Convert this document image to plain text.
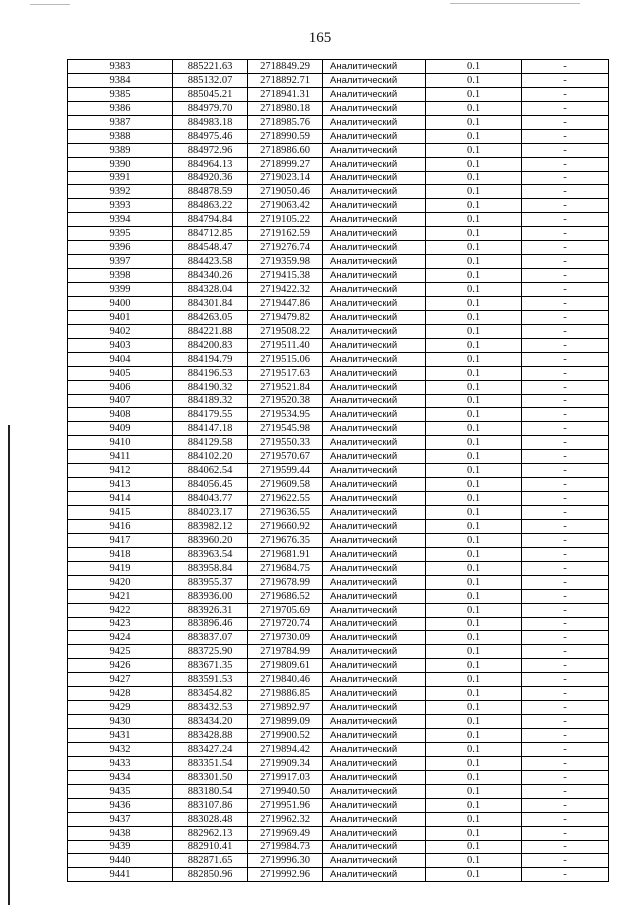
165
9383	885221.63	2718849.29	Аналитический	0.1	-
9384	885132.07	2718892.71	Аналитический	0.1	-
9385	885045.21	2718941.31	Аналитический	0.1	-
9386	884979.70	2718980.18	Аналитический	0.1	-
9387	884983.18	2718985.76	Аналитический	0.1	-
9388	884975.46	2718990.59	Аналитический	0.1	-
9389	884972.96	2718986.60	Аналитический	0.1	-
9390	884964.13	2718999.27	Аналитический	0.1	-
9391	884920.36	2719023.14	Аналитический	0.1	-
9392	884878.59	2719050.46	Аналитический	0.1	-
9393	884863.22	2719063.42	Аналитический	0.1	-
9394	884794.84	2719105.22	Аналитический	0.1	-
9395	884712.85	2719162.59	Аналитический	0.1	-
9396	884548.47	2719276.74	Аналитический	0.1	-
9397	884423.58	2719359.98	Аналитический	0.1	-
9398	884340.26	2719415.38	Аналитический	0.1	-
9399	884328.04	2719422.32	Аналитический	0.1	-
9400	884301.84	2719447.86	Аналитический	0.1	-
9401	884263.05	2719479.82	Аналитический	0.1	-
9402	884221.88	2719508.22	Аналитический	0.1	-
9403	884200.83	2719511.40	Аналитический	0.1	-
9404	884194.79	2719515.06	Аналитический	0.1	-
9405	884196.53	2719517.63	Аналитический	0.1	-
9406	884190.32	2719521.84	Аналитический	0.1	-
9407	884189.32	2719520.38	Аналитический	0.1	-
9408	884179.55	2719534.95	Аналитический	0.1	-
9409	884147.18	2719545.98	Аналитический	0.1	-
9410	884129.58	2719550.33	Аналитический	0.1	-
9411	884102.20	2719570.67	Аналитический	0.1	-
9412	884062.54	2719599.44	Аналитический	0.1	-
9413	884056.45	2719609.58	Аналитический	0.1	-
9414	884043.77	2719622.55	Аналитический	0.1	-
9415	884023.17	2719636.55	Аналитический	0.1	-
9416	883982.12	2719660.92	Аналитический	0.1	-
9417	883960.20	2719676.35	Аналитический	0.1	-
9418	883963.54	2719681.91	Аналитический	0.1	-
9419	883958.84	2719684.75	Аналитический	0.1	-
9420	883955.37	2719678.99	Аналитический	0.1	-
9421	883936.00	2719686.52	Аналитический	0.1	-
9422	883926.31	2719705.69	Аналитический	0.1	-
9423	883896.46	2719720.74	Аналитический	0.1	-
9424	883837.07	2719730.09	Аналитический	0.1	-
9425	883725.90	2719784.99	Аналитический	0.1	-
9426	883671.35	2719809.61	Аналитический	0.1	-
9427	883591.53	2719840.46	Аналитический	0.1	-
9428	883454.82	2719886.85	Аналитический	0.1	-
9429	883432.53	2719892.97	Аналитический	0.1	-
9430	883434.20	2719899.09	Аналитический	0.1	-
9431	883428.88	2719900.52	Аналитический	0.1	-
9432	883427.24	2719894.42	Аналитический	0.1	-
9433	883351.54	2719909.34	Аналитический	0.1	-
9434	883301.50	2719917.03	Аналитический	0.1	-
9435	883180.54	2719940.50	Аналитический	0.1	-
9436	883107.86	2719951.96	Аналитический	0.1	-
9437	883028.48	2719962.32	Аналитический	0.1	-
9438	882962.13	2719969.49	Аналитический	0.1	-
9439	882910.41	2719984.73	Аналитический	0.1	-
9440	882871.65	2719996.30	Аналитический	0.1	-
9441	882850.96	2719992.96	Аналитический	0.1	-
